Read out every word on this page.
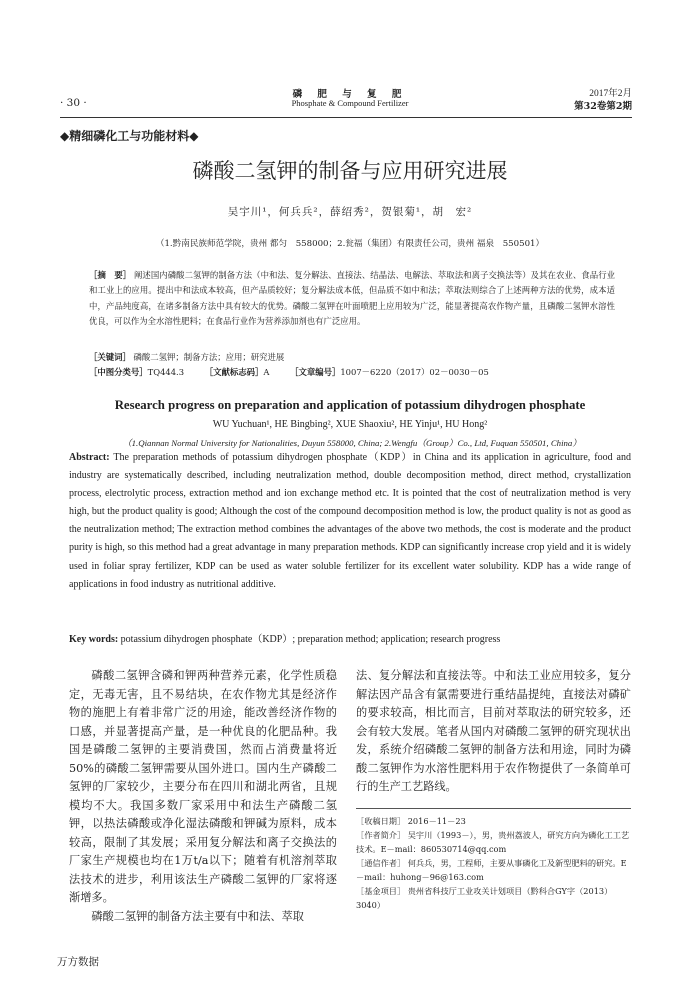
· 30 ·
磷 肥 与 复 肥
Phosphate & Compound Fertilizer
2017年2月
第32卷第2期
◆精细磷化工与功能材料◆
磷酸二氢钾的制备与应用研究进展
吴宇川¹，何兵兵²，薛绍秀²，贺银菊¹，胡　宏²
（1.黔南民族师范学院，贵州 都匀　558000；2.瓮福（集团）有限责任公司，贵州 福泉　550501）
［摘　要］ 阐述国内磷酸二氢钾的制备方法（中和法、复分解法、直接法、结晶法、电解法、萃取法和离子交换法等）及其在农业、食品行业和工业上的应用。提出中和法成本较高，但产品质较好；复分解法成本低，但品质不如中和法；萃取法则综合了上述两种方法的优势，成本适中，产品纯度高，在诸多制备方法中具有较大的优势。磷酸二氢钾在叶面喷肥上应用较为广泛，能显著提高农作物产量，且磷酸二氢钾水溶性优良，可以作为全水溶性肥料；在食品行业作为营养添加剂也有广泛应用。
［关键词］ 磷酸二氢钾；制备方法；应用；研究进展
［中图分类号］TQ444.3 ［文献标志码］A ［文章编号］1007－6220（2017）02－0030－05
Research progress on preparation and application of potassium dihydrogen phosphate
WU Yuchuan¹, HE Bingbing², XUE Shaoxiu², HE Yinju¹, HU Hong²
（1.Qiannan Normal University for Nationalities, Duyun 558000, China; 2.Wengfu（Group）Co., Ltd, Fuquan 550501, China）
Abstract: The preparation methods of potassium dihydrogen phosphate（KDP）in China and its application in agriculture, food and industry are systematically described, including neutralization method, double decomposition method, direct method, crystallization process, electrolytic process, extraction method and ion exchange method etc. It is pointed that the cost of neutralization method is very high, but the product quality is good; Although the cost of the compound decomposition method is low, the product quality is not as good as the neutralization method; The extraction method combines the advantages of the above two methods, the cost is moderate and the product purity is high, so this method had a great advantage in many preparation methods. KDP can significantly increase crop yield and it is widely used in foliar spray fertilizer, KDP can be used as water soluble fertilizer for its excellent water solubility. KDP has a wide range of applications in food industry as nutritional additive.
Key words: potassium dihydrogen phosphate（KDP）; preparation method; application; research progress

磷酸二氢钾含磷和钾两种营养元素，化学性质稳定，无毒无害，且不易结块，在农作物尤其是经济作物的施肥上有着非常广泛的用途，能改善经济作物的口感，并显著提高产量，是一种优良的化肥品种。我国是磷酸二氢钾的主要消费国，然而占消费量将近50%的磷酸二氢钾需要从国外进口。国内生产磷酸二氢钾的厂家较少，主要分布在四川和湖北两省，且规模均不大。我国多数厂家采用中和法生产磷酸二氢钾，以热法磷酸或净化湿法磷酸和钾碱为原料，成本较高，限制了其发展；采用复分解法和离子交换法的厂家生产规模也均在1万t/a以下；随着有机溶剂萃取法技术的进步，利用该法生产磷酸二氢钾的厂家将逐渐增多。

磷酸二氢钾的制备方法主要有中和法、萃取

法、复分解法和直接法等。中和法工业应用较多，复分解法因产品含有氯需要进行重结晶提纯，直接法对磷矿的要求较高，相比而言，目前对萃取法的研究较多，还会有较大发展。笔者从国内对磷酸二氢钾的研究现状出发，系统介绍磷酸二氢钾的制备方法和用途，同时为磷酸二氢钾作为水溶性肥料用于农作物提供了一条简单可行的生产工艺路线。

［收稿日期］ 2016－11－23
［作者简介］ 吴宇川（1993－），男，贵州荔波人，研究方向为磷化工工艺技术。E－mail：860530714@qq.com
［通信作者］ 何兵兵，男，工程师，主要从事磷化工及新型肥料的研究。E－mail：huhong－96@163.com
［基金项目］ 贵州省科技厅工业攻关计划项目（黔科合GY字（2013）3040）
万方数据
